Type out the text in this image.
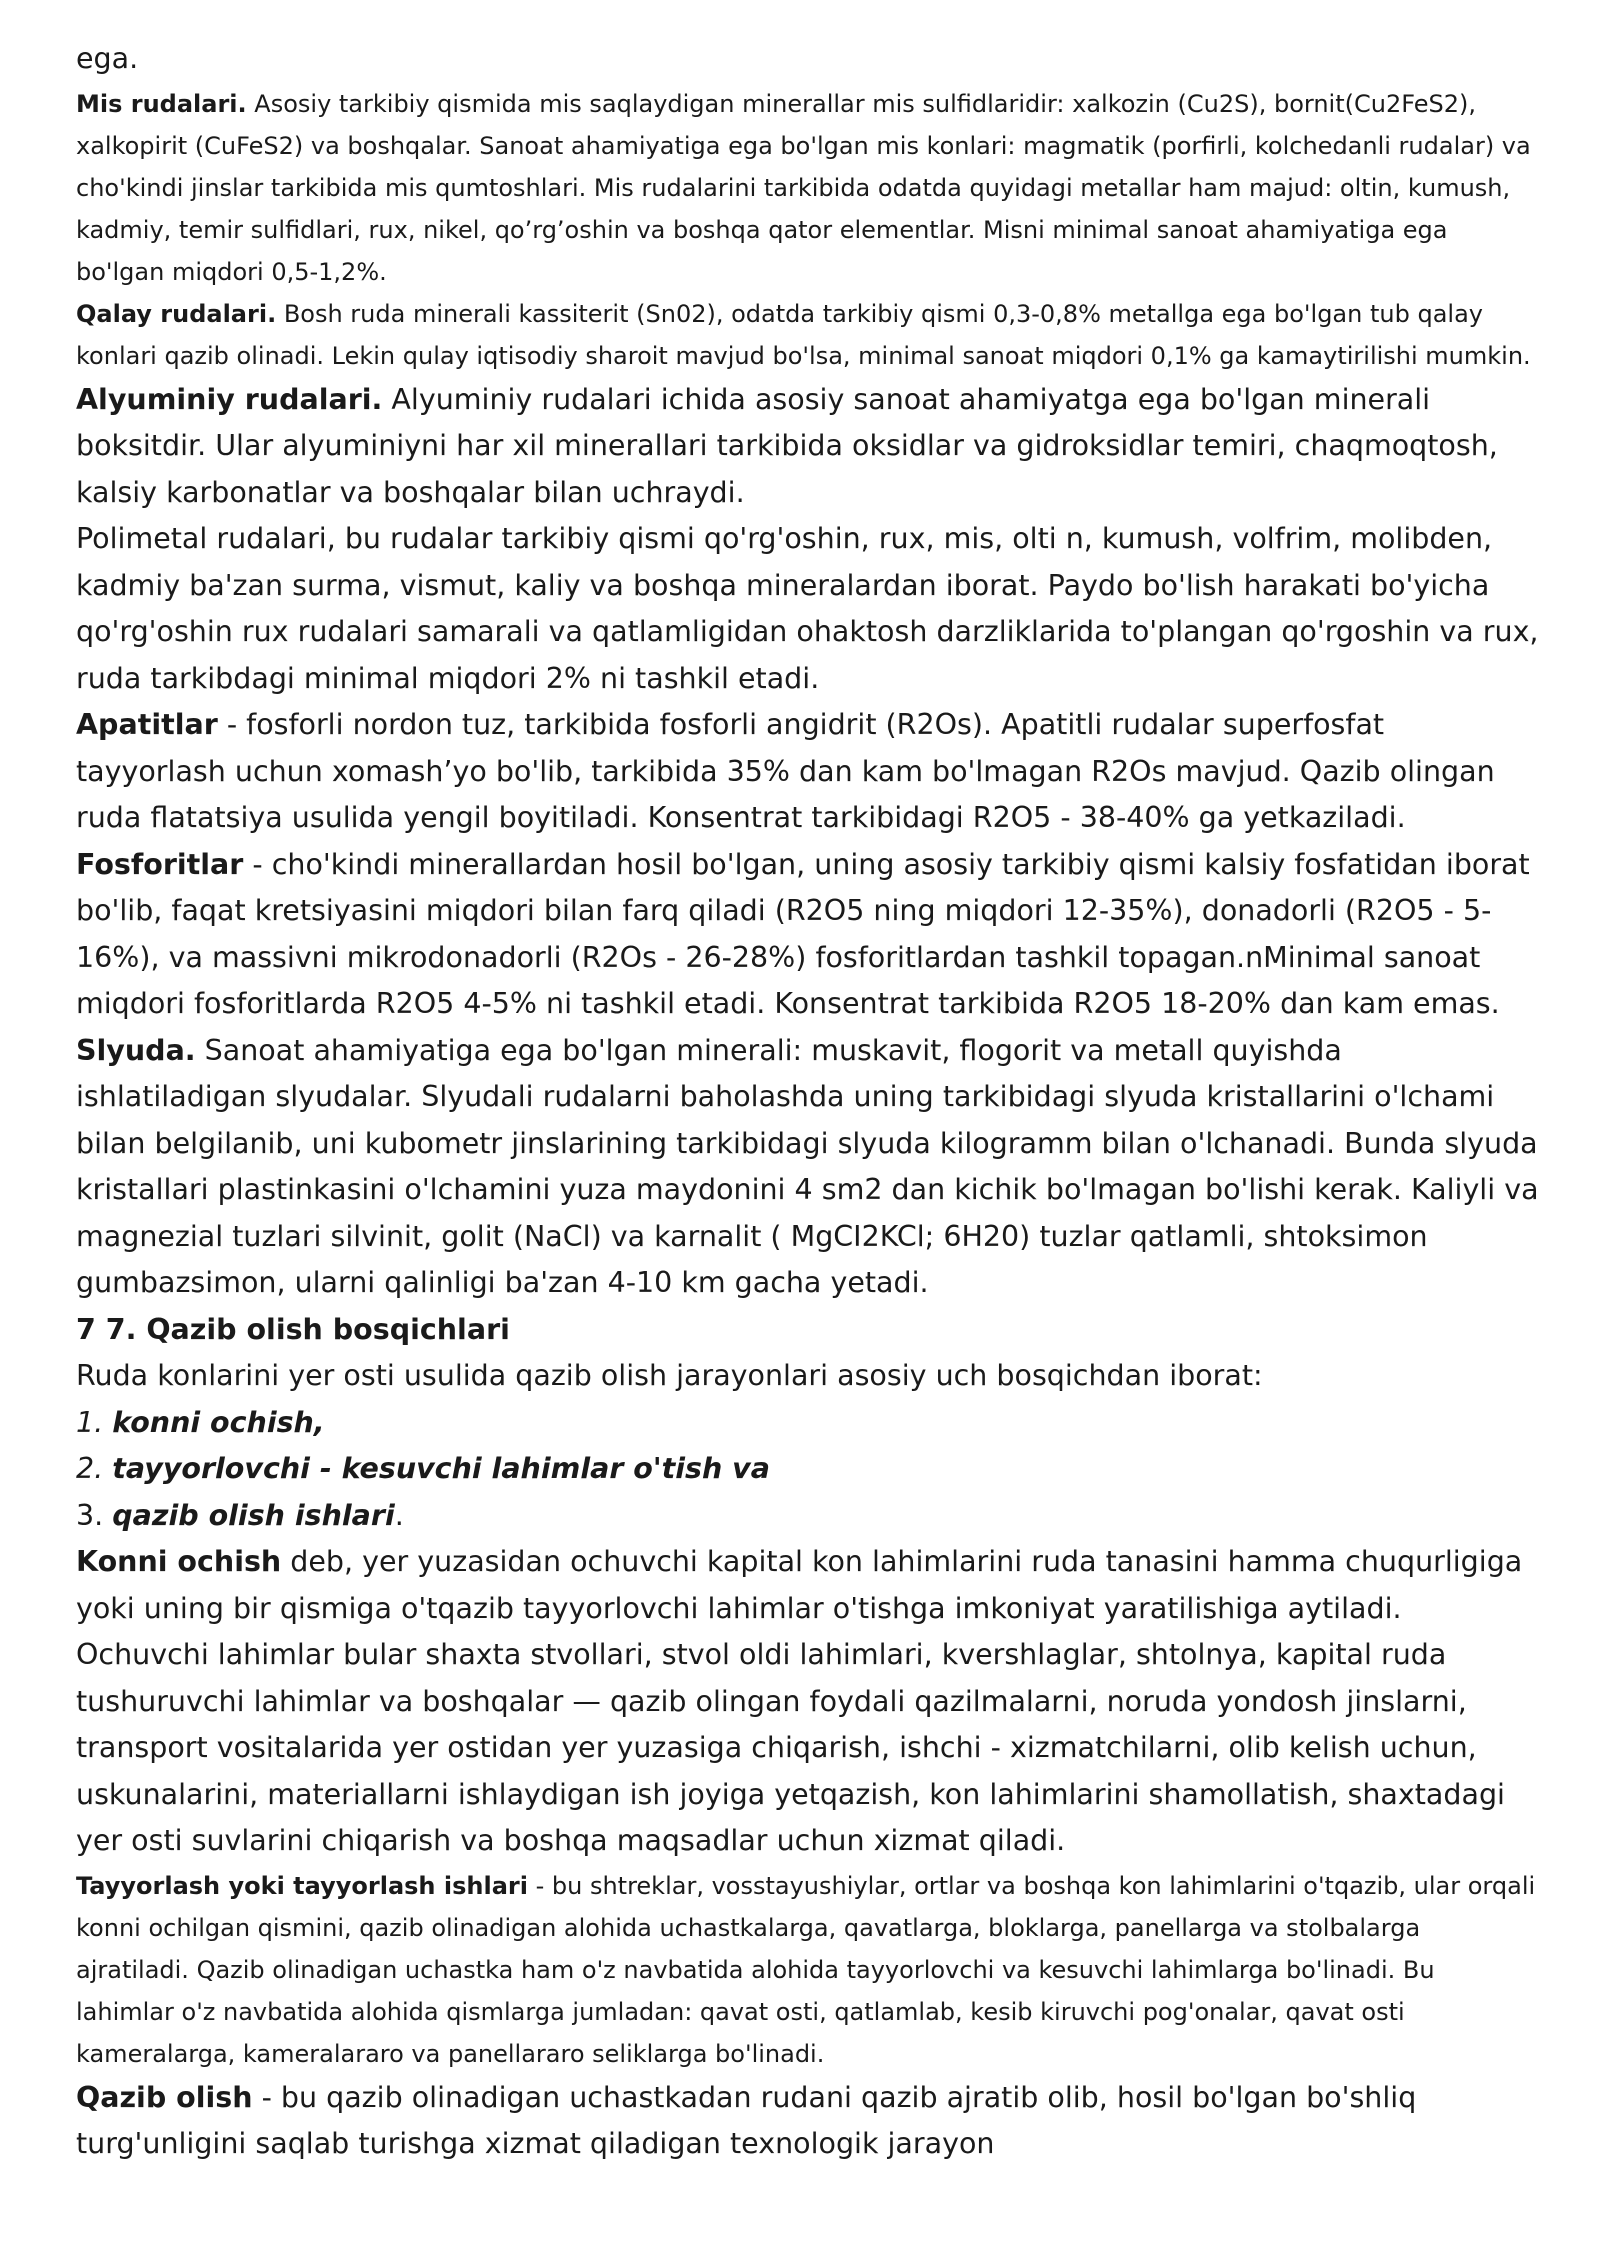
ega.

Mis rudalari. Asosiy tarkibiy qismida mis saqlaydigan minerallar mis sulfidlaridir: xalkozin (Cu2S), bornit(Cu2FeS2), xalkopirit (CuFeS2) va boshqalar. Sanoat ahamiyatiga ega bo'lgan mis konlari: magmatik (porfirli, kolchedanli rudalar) va cho'kindi jinslar tarkibida mis qumtoshlari. Mis rudalarini tarkibida odatda quyidagi metallar ham majud: oltin, kumush, kadmiy, temir sulfidlari, rux, nikel, qo’rg’oshin va boshqa qator elementlar. Misni minimal sanoat ahamiyatiga ega bo'lgan miqdori 0,5-1,2%.

Qalay rudalari. Bosh ruda minerali kassiterit (Sn02), odatda tarkibiy qismi 0,3-0,8% metallga ega bo'lgan tub qalay konlari qazib olinadi. Lekin qulay iqtisodiy sharoit mavjud bo'lsa, minimal sanoat miqdori 0,1% ga kamaytirilishi mumkin.

Alyuminiy rudalari. Alyuminiy rudalari ichida asosiy sanoat ahamiyatga ega bo'lgan minerali boksitdir. Ular alyuminiyni har xil minerallari tarkibida oksidlar va gidroksidlar temiri, chaqmoqtosh, kalsiy karbonatlar va boshqalar bilan uchraydi.

Polimetal rudalari, bu rudalar tarkibiy qismi qo'rg'oshin, rux, mis, olti n, kumush, volfrim, molibden, kadmiy ba'zan surma, vismut, kaliy va boshqa mineralardan iborat. Paydo bo'lish harakati bo'yicha qo'rg'oshin rux rudalari samarali va qatlamligidan ohaktosh darzliklarida to'plangan qo'rgoshin va rux, ruda tarkibdagi minimal miqdori 2% ni tashkil etadi.

Apatitlar - fosforli nordon tuz, tarkibida fosforli angidrit (R2Os). Apatitli rudalar superfosfat tayyorlash uchun xomash’yo bo'lib, tarkibida 35% dan kam bo'lmagan R2Os mavjud. Qazib olingan ruda flatatsiya usulida yengil boyitiladi. Konsentrat tarkibidagi R2O5 - 38-40% ga yetkaziladi.

Fosforitlar - cho'kindi minerallardan hosil bo'lgan, uning asosiy tarkibiy qismi kalsiy fosfatidan iborat bo'lib, faqat kretsiyasini miqdori bilan farq qiladi (R2O5 ning miqdori 12-35%), donadorli (R2O5 - 5-16%), va massivni mikrodonadorli (R2Os - 26-28%) fosforitlardan tashkil topagan.nMinimal sanoat miqdori fosforitlarda R2O5 4-5% ni tashkil etadi. Konsentrat tarkibida R2O5 18-20% dan kam emas.

Slyuda. Sanoat ahamiyatiga ega bo'lgan minerali: muskavit, flogorit va metall quyishda ishlatiladigan slyudalar. Slyudali rudalarni baholashda uning tarkibidagi slyuda kristallarini o'lchami bilan belgilanib, uni kubometr jinslarining tarkibidagi slyuda kilogramm bilan o'lchanadi. Bunda slyuda kristallari plastinkasini o'lchamini yuza maydonini 4 sm2 dan kichik bo'lmagan bo'lishi kerak. Kaliyli va magnezial tuzlari silvinit, golit (NaCl) va karnalit ( MgCI2KCl; 6H20) tuzlar qatlamli, shtoksimon gumbazsimon, ularni qalinligi ba'zan 4-10 km gacha yetadi.

7 7. Qazib olish bosqichlari

Ruda konlarini yer osti usulida qazib olish jarayonlari asosiy uch bosqichdan iborat:

1. konni ochish,

2. tayyorlovchi - kesuvchi lahimlar o'tish va

3. qazib olish ishlari.

Konni ochish deb, yer yuzasidan ochuvchi kapital kon lahimlarini ruda tanasini hamma chuqurligiga yoki uning bir qismiga o'tqazib tayyorlovchi lahimlar o'tishga imkoniyat yaratilishiga aytiladi. Ochuvchi lahimlar bular shaxta stvollari, stvol oldi lahimlari, kvershlaglar, shtolnya, kapital ruda tushuruvchi lahimlar va boshqalar — qazib olingan foydali qazilmalarni, noruda yondosh jinslarni, transport vositalarida yer ostidan yer yuzasiga chiqarish, ishchi - xizmatchilarni, olib kelish uchun, uskunalarini, materiallarni ishlaydigan ish joyiga yetqazish, kon lahimlarini shamollatish, shaxtadagi yer osti suvlarini chiqarish va boshqa maqsadlar uchun xizmat qiladi.

Tayyorlash yoki tayyorlash ishlari - bu shtreklar, vosstayushiylar, ortlar va boshqa kon lahimlarini o'tqazib, ular orqali konni ochilgan qismini, qazib olinadigan alohida uchastkalarga, qavatlarga, bloklarga, panellarga va stolbalarga ajratiladi. Qazib olinadigan uchastka ham o'z navbatida alohida tayyorlovchi va kesuvchi lahimlarga bo'linadi. Bu lahimlar o'z navbatida alohida qismlarga jumladan: qavat osti, qatlamlab, kesib kiruvchi pog'onalar, qavat osti kameralarga, kameralararo va panellararo seliklarga bo'linadi.

Qazib olish - bu qazib olinadigan uchastkadan rudani qazib ajratib olib, hosil bo'lgan bo'shliq turg'unligini saqlab turishga xizmat qiladigan texnologik jarayon
